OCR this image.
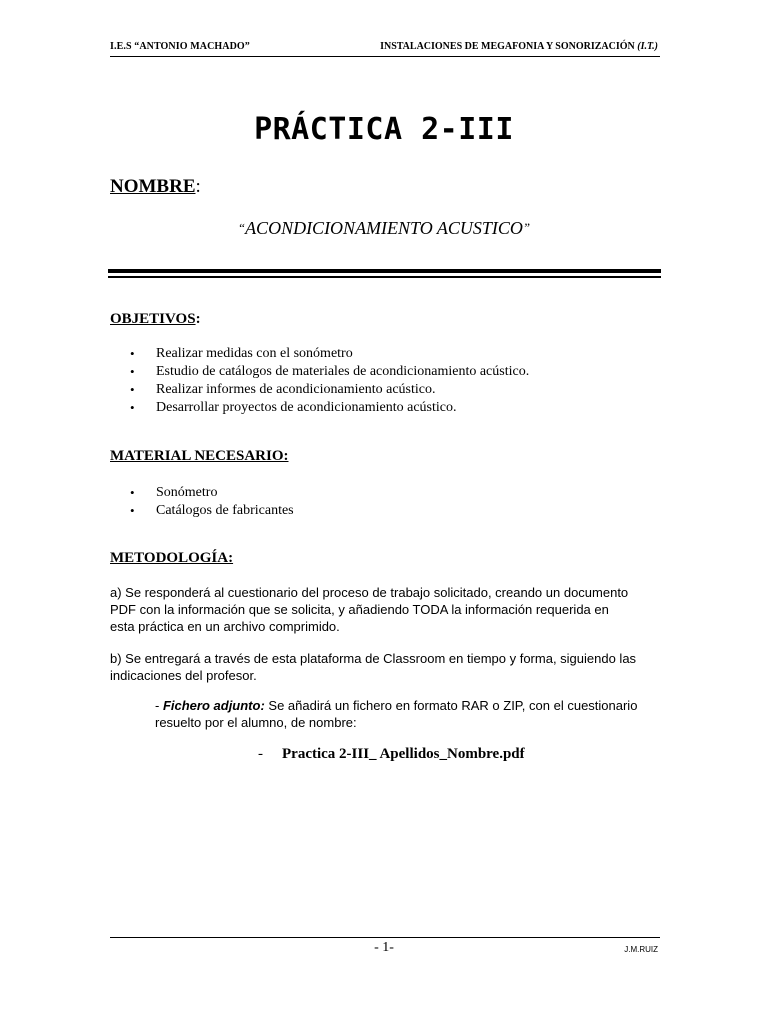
I.E.S “ANTONIO MACHADO”	INSTALACIONES DE MEGAFONIA Y SONORIZACIÓN (I.T.)
PRÁCTICA 2-III
NOMBRE:
“ACONDICIONAMIENTO ACUSTICO”
OBJETIVOS:
• Realizar medidas con el sonómetro
• Estudio de catálogos de materiales de acondicionamiento acústico.
• Realizar informes de acondicionamiento acústico.
• Desarrollar proyectos de acondicionamiento acústico.
MATERIAL NECESARIO:
• Sonómetro
• Catálogos de fabricantes
METODOLOGÍA:

a) Se responderá al cuestionario del proceso de trabajo solicitado, creando un documento

PDF con la información que se solicita, y añadiendo TODA la información requerida en

esta práctica en un archivo comprimido.

b) Se entregará a través de esta plataforma de Classroom en tiempo y forma, siguiendo las

indicaciones del profesor.

- Fichero adjunto: Se añadirá un fichero en formato RAR o ZIP, con el cuestionario

resuelto por el alumno, de nombre:

- Practica 2-III_ Apellidos_Nombre.pdf
- 1-	J.M.RUIZ
